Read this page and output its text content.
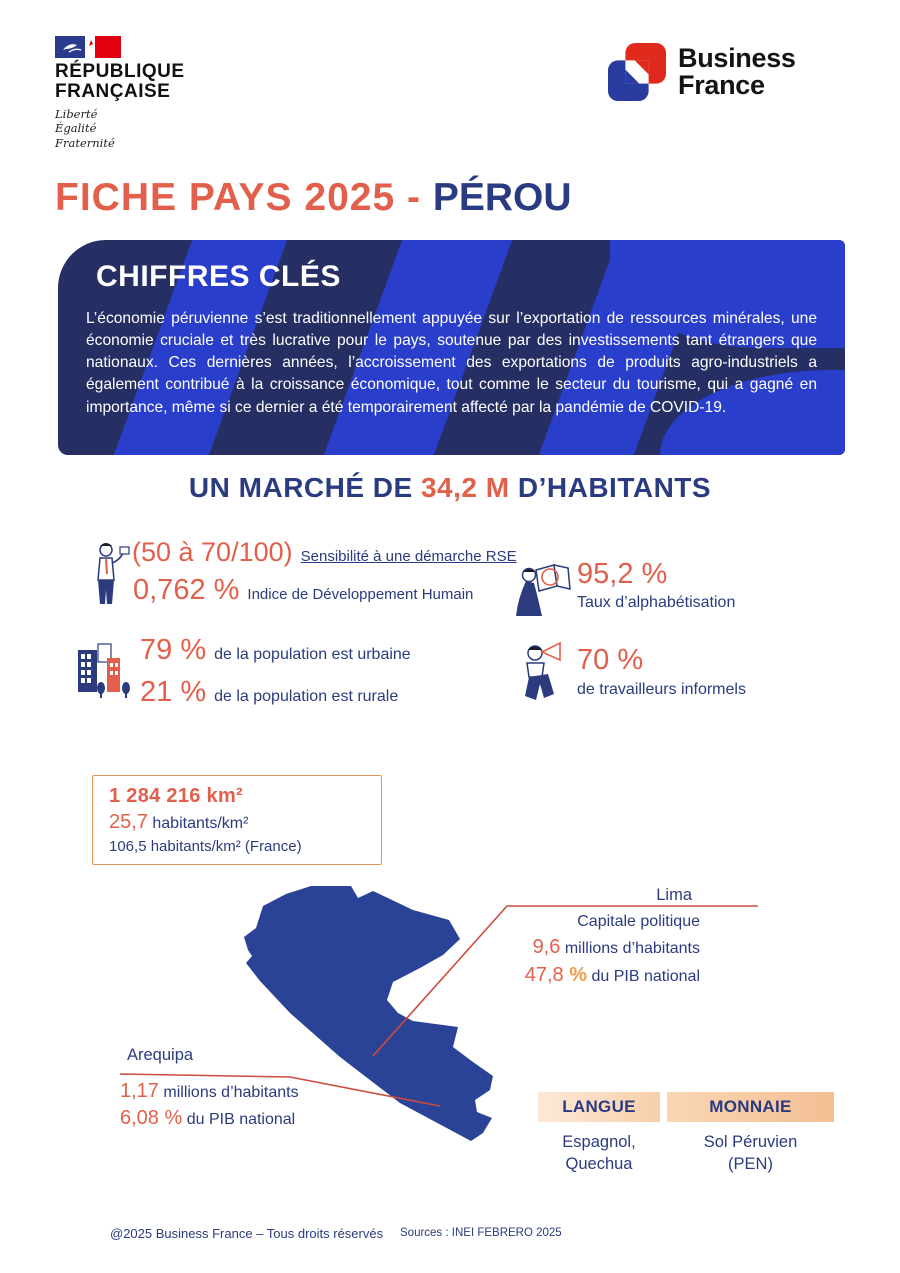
RÉPUBLIQUE
FRANÇAISE
Liberté
Égalité
Fraternité
Business
France
FICHE PAYS 2025 - PÉROU
CHIFFRES CLÉS

L’économie péruvienne s’est traditionnellement appuyée sur l’exportation de ressources minérales, une économie cruciale et très lucrative pour le pays, soutenue par des investissements tant étrangers que nationaux. Ces dernières années, l’accroissement des exportations de produits agro-industriels a également contribué à la croissance économique, tout comme le secteur du tourisme, qui a gagné en importance, même si ce dernier a été temporairement affecté par la pandémie de COVID-19.

UN MARCHÉ DE 34,2 M D’HABITANTS
(50 à 70/100) Sensibilité à une démarche RSE
0,762 % Indice de Développement Humain
95,2 %
Taux d’alphabétisation
79 % de la population est urbaine
21 % de la population est rurale
70 %
de travailleurs informels
1 284 216 km²
25,7 habitants/km²
106,5 habitants/km² (France)
Lima
Capitale politique
9,6 millions d’habitants
47,8 % du PIB national
Arequipa
1,17 millions d’habitants
6,08 % du PIB national
LANGUE	MONNAIE
Espagnol,
Quechua
Sol Péruvien
(PEN)
@2025 Business France – Tous droits réservés Sources : INEI FEBRERO 2025
